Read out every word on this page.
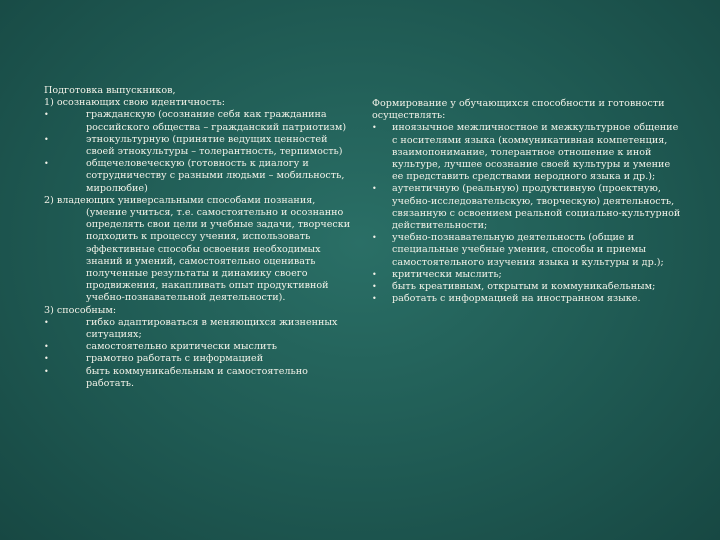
Подготовка выпускников,
1) осознающих свою идентичность:
•	гражданскую (осознание себя как гражданина российского общества – гражданский патриотизм)
•	этнокультурную (принятие ведущих ценностей своей этнокультуры – толерантность, терпимость)
•	общечеловеческую (готовность к диалогу и сотрудничеству с разными людьми – мобильность, миролюбие)
2) владеющих универсальными способами познания,
(умение учиться, т.е. самостоятельно и осознанно определять свои цели и учебные задачи, творчески подходить к процессу учения, использовать эффективные способы освоения необходимых знаний и умений, самостоятельно оценивать полученные результаты и динамику своего продвижения, накапливать опыт продуктивной учебно-познавательной деятельности).
3) способным:
•	гибко адаптироваться в меняющихся жизненных ситуациях;
•	самостоятельно критически мыслить
•	грамотно работать с информацией
•	быть коммуникабельным и самостоятельно работать.
Формирование у обучающихся способности и готовности осуществлять:
•	иноязычное межличностное и межкультурное общение с носителями языка (коммуникативная компетенция, взаимопонимание, толерантное отношение к иной культуре, лучшее осознание своей культуры и умение ее представить средствами неродного языка и др.);
•	аутентичную (реальную) продуктивную (проектную, учебно-исследовательскую, творческую) деятельность, связанную с освоением реальной социально-культурной действительности;
•	учебно-познавательную деятельность (общие и специальные учебные умения, способы и приемы самостоятельного изучения языка и культуры и др.);
•	критически мыслить;
•	быть креативным, открытым и коммуникабельным;
•	работать с информацией на иностранном языке.
